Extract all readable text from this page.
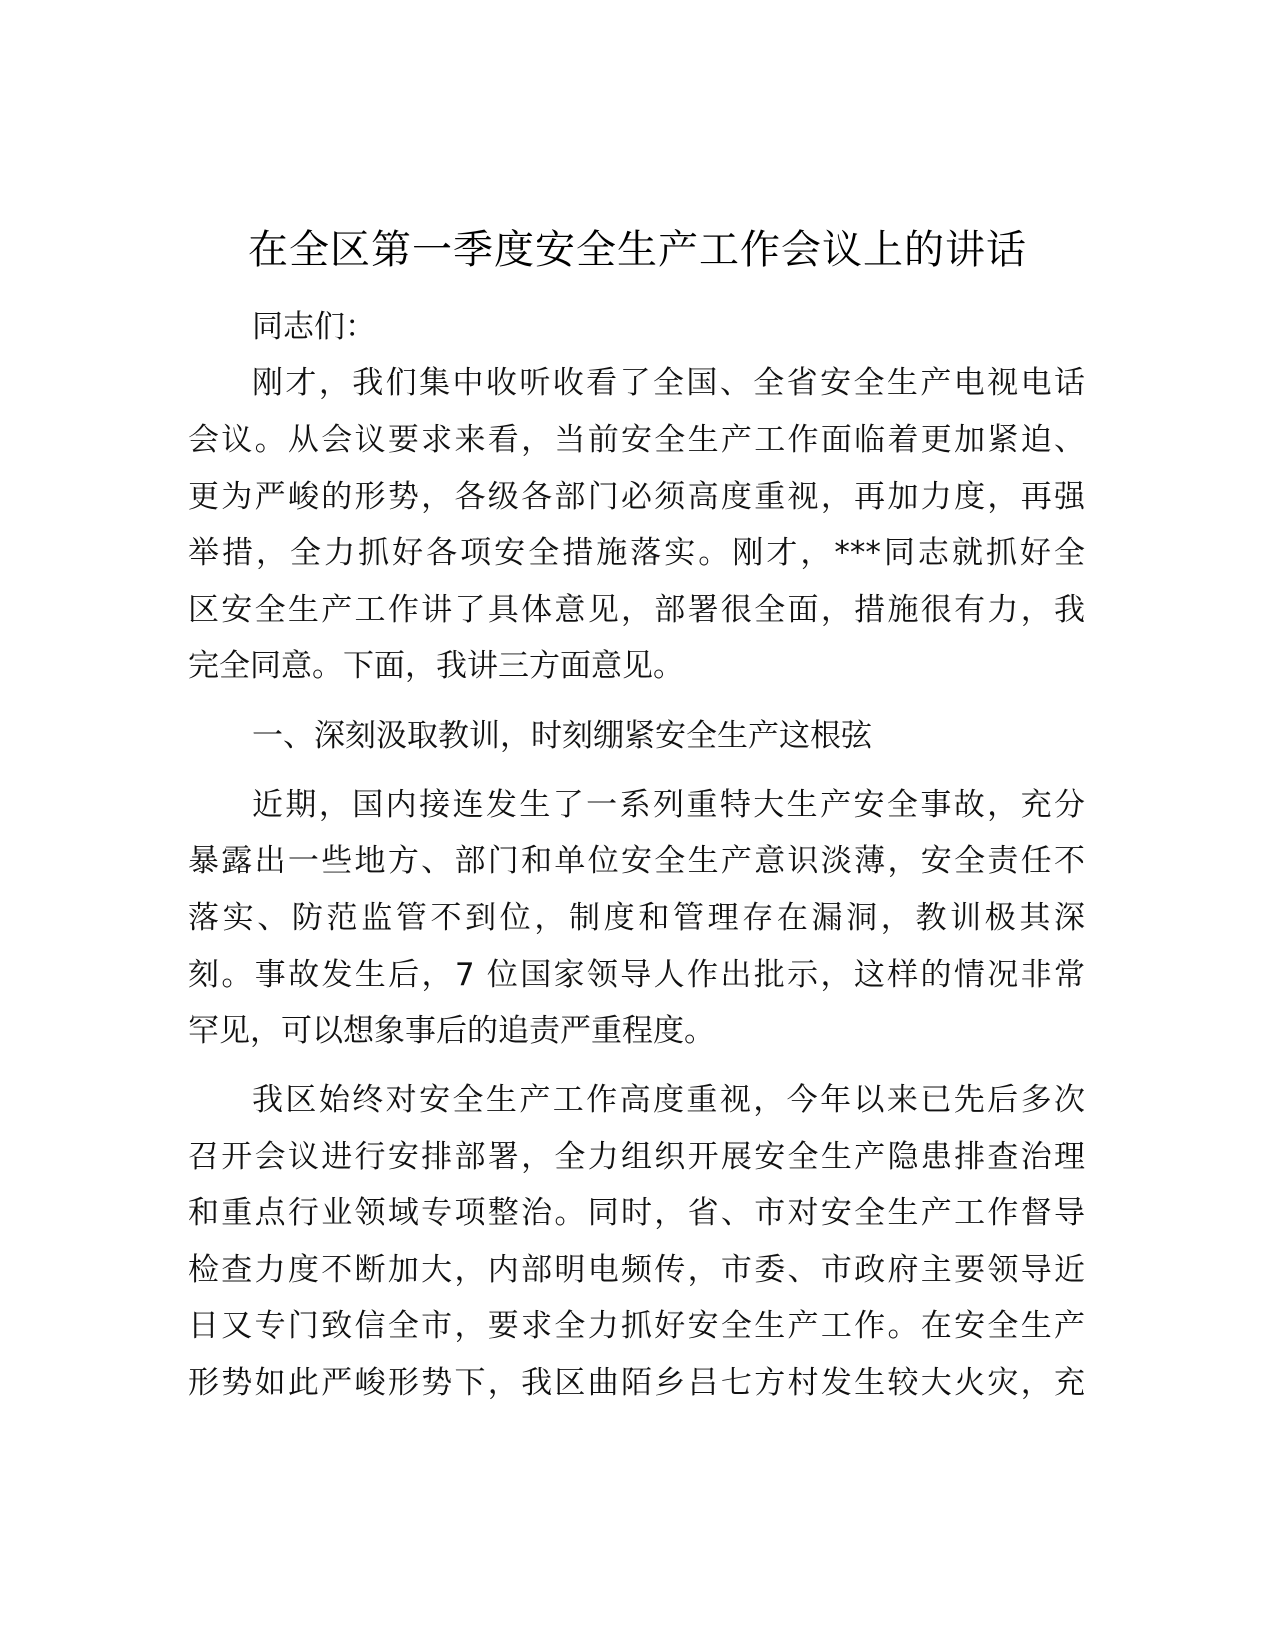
在全区第一季度安全生产工作会议上的讲话
同志们：
刚才，我们集中收听收看了全国、全省安全生产电视电话
会议。从会议要求来看，当前安全生产工作面临着更加紧迫、
更为严峻的形势，各级各部门必须高度重视，再加力度，再强
举措，全力抓好各项安全措施落实。刚才，***同志就抓好全
区安全生产工作讲了具体意见，部署很全面，措施很有力，我
完全同意。下面，我讲三方面意见。
一、深刻汲取教训，时刻绷紧安全生产这根弦
近期，国内接连发生了一系列重特大生产安全事故，充分
暴露出一些地方、部门和单位安全生产意识淡薄，安全责任不
落实、防范监管不到位，制度和管理存在漏洞，教训极其深
刻。事故发生后，7 位国家领导人作出批示，这样的情况非常
罕见，可以想象事后的追责严重程度。
我区始终对安全生产工作高度重视，今年以来已先后多次
召开会议进行安排部署，全力组织开展安全生产隐患排查治理
和重点行业领域专项整治。同时，省、市对安全生产工作督导
检查力度不断加大，内部明电频传，市委、市政府主要领导近
日又专门致信全市，要求全力抓好安全生产工作。在安全生产
形势如此严峻形势下，我区曲陌乡吕七方村发生较大火灾，充
